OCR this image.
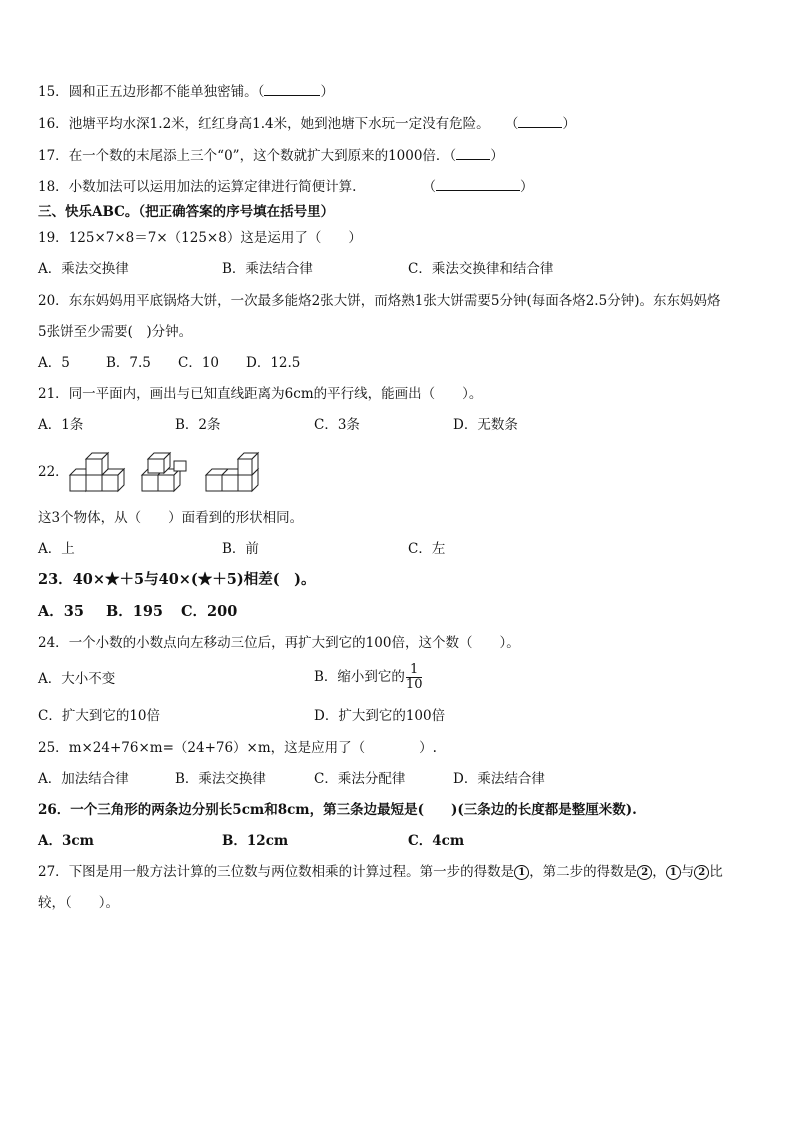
15．圆和正五边形都不能单独密铺。（	）
16．池塘平均水深1.2米，红红身高1.4米，她到池塘下水玩一定没有危险。 （	）
17．在一个数的末尾添上三个“0”，这个数就扩大到原来的1000倍．（	）
18．小数加法可以运用加法的运算定律进行简便计算.	（	）
三、快乐ABC。（把正确答案的序号填在括号里）
19．125×7×8＝7×（125×8）这是运用了（　　）
A．乘法交换律	B．乘法结合律	C．乘法交换律和结合律
20．东东妈妈用平底锅烙大饼，一次最多能烙2张大饼，而烙熟1张大饼需要5分钟(每面各烙2.5分钟)。东东妈妈烙
5张饼至少需要(　)分钟。
A．5	B．7.5 C．10 D．12.5
21．同一平面内，画出与已知直线距离为6cm的平行线，能画出（　　）。
A．1条	B．2条	C．3条	D．无数条
22．
这3个物体，从（　　）面看到的形状相同。
A．上	B．前	C．左
23．40×★＋5与40×(★＋5)相差(　)。
A．35 B．195 C．200
24．一个小数的小数点向左移动三位后，再扩大到它的100倍，这个数（　　）。
A．大小不变	B．缩小到它的 $\frac{1}{10}$
C．扩大到它的10倍	D．扩大到它的100倍
25．m×24+76×m=（24+76）×m，这是应用了（　　　　）.
A．加法结合律	B．乘法交换律	C．乘法分配律	D．乘法结合律
26．一个三角形的两条边分别长5cm和8cm，第三条边最短是(　　)(三条边的长度都是整厘米数).
A．3cm	B．12cm	C．4cm
27．下图是用一般方法计算的三位数与两位数相乘的计算过程。第一步的得数是 1 ，第二步的得数是 2 ， 1 与 2 比
较，（　　）。
